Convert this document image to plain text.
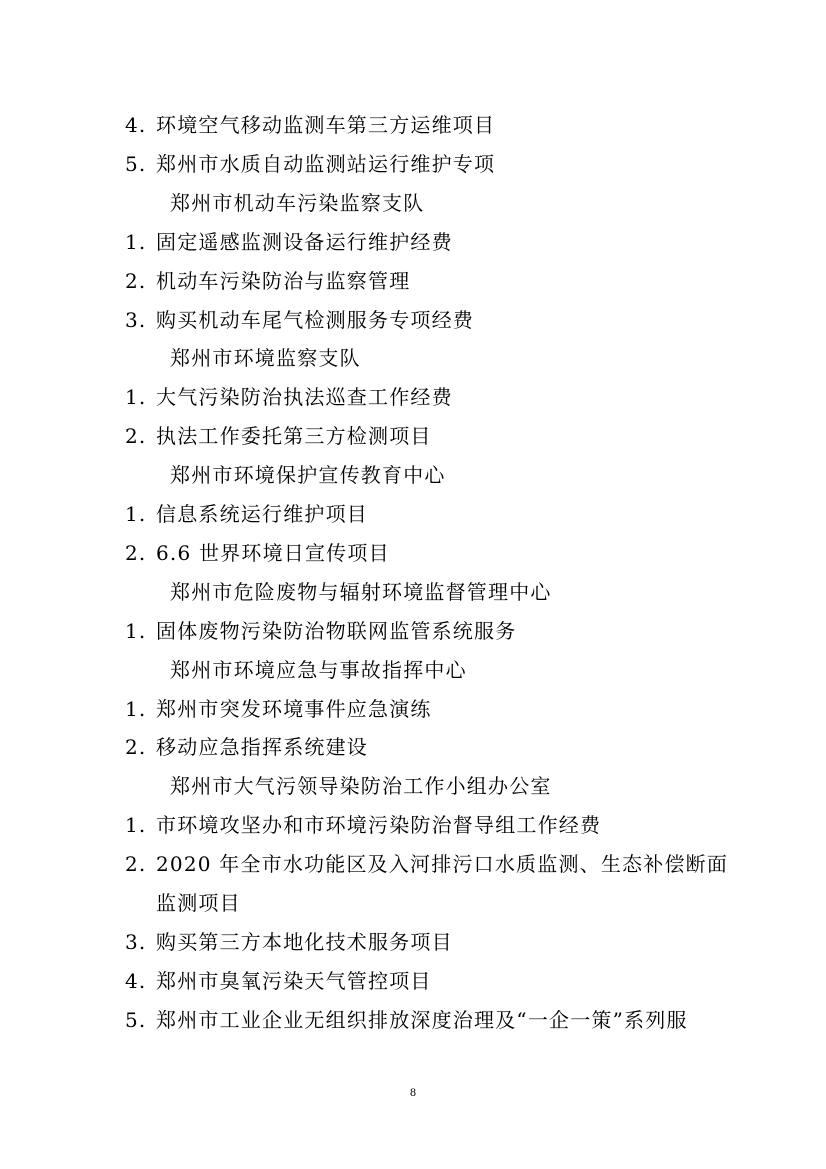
4. 环境空气移动监测车第三方运维项目
5. 郑州市水质自动监测站运行维护专项
郑州市机动车污染监察支队
1. 固定遥感监测设备运行维护经费
2. 机动车污染防治与监察管理
3. 购买机动车尾气检测服务专项经费
郑州市环境监察支队
1. 大气污染防治执法巡查工作经费
2. 执法工作委托第三方检测项目
郑州市环境保护宣传教育中心
1. 信息系统运行维护项目
2. 6.6 世界环境日宣传项目
郑州市危险废物与辐射环境监督管理中心
1. 固体废物污染防治物联网监管系统服务
郑州市环境应急与事故指挥中心
1. 郑州市突发环境事件应急演练
2. 移动应急指挥系统建设
郑州市大气污领导染防治工作小组办公室
1. 市环境攻坚办和市环境污染防治督导组工作经费
2. 2020 年全市水功能区及入河排污口水质监测、生态补偿断面
监测项目
3. 购买第三方本地化技术服务项目
4. 郑州市臭氧污染天气管控项目
5. 郑州市工业企业无组织排放深度治理及“一企一策”系列服
8
